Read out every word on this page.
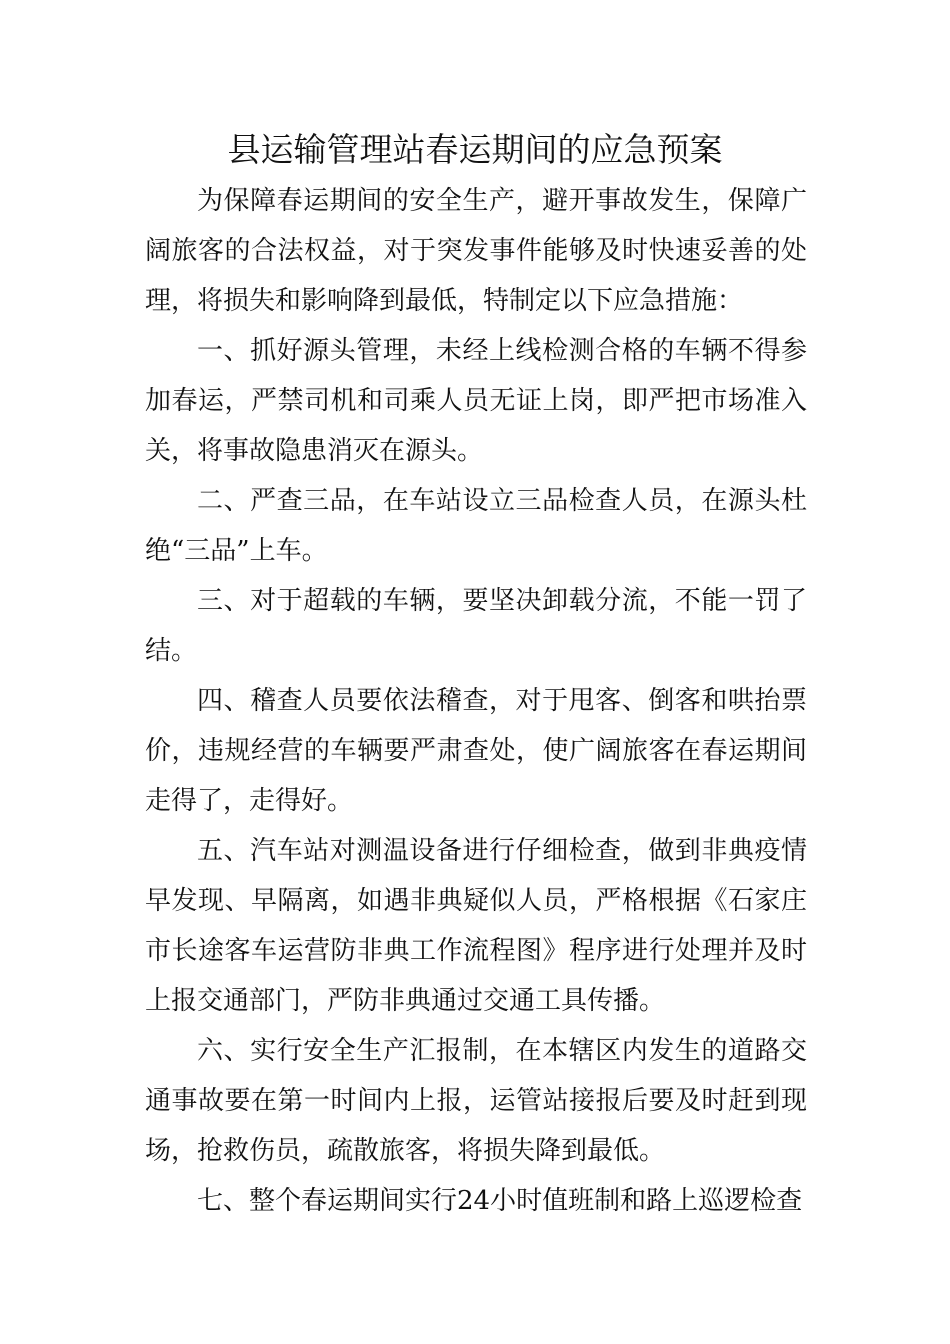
县运输管理站春运期间的应急预案

为保障春运期间的安全生产，避开事故发生，保障广阔旅客的合法权益，对于突发事件能够及时快速妥善的处理，将损失和影响降到最低，特制定以下应急措施：

一、抓好源头管理，未经上线检测合格的车辆不得参加春运，严禁司机和司乘人员无证上岗，即严把市场准入关，将事故隐患消灭在源头。

二、严查三品，在车站设立三品检查人员，在源头杜绝“三品”上车。

三、对于超载的车辆，要坚决卸载分流，不能一罚了结。

四、稽查人员要依法稽查，对于甩客、倒客和哄抬票价，违规经营的车辆要严肃查处，使广阔旅客在春运期间走得了，走得好。

五、汽车站对测温设备进行仔细检查，做到非典疫情早发现、早隔离，如遇非典疑似人员，严格根据《石家庄市长途客车运营防非典工作流程图》程序进行处理并及时上报交通部门，严防非典通过交通工具传播。

六、实行安全生产汇报制，在本辖区内发生的道路交通事故要在第一时间内上报，运管站接报后要及时赶到现场，抢救伤员，疏散旅客，将损失降到最低。

七、整个春运期间实行24小时值班制和路上巡逻检查
